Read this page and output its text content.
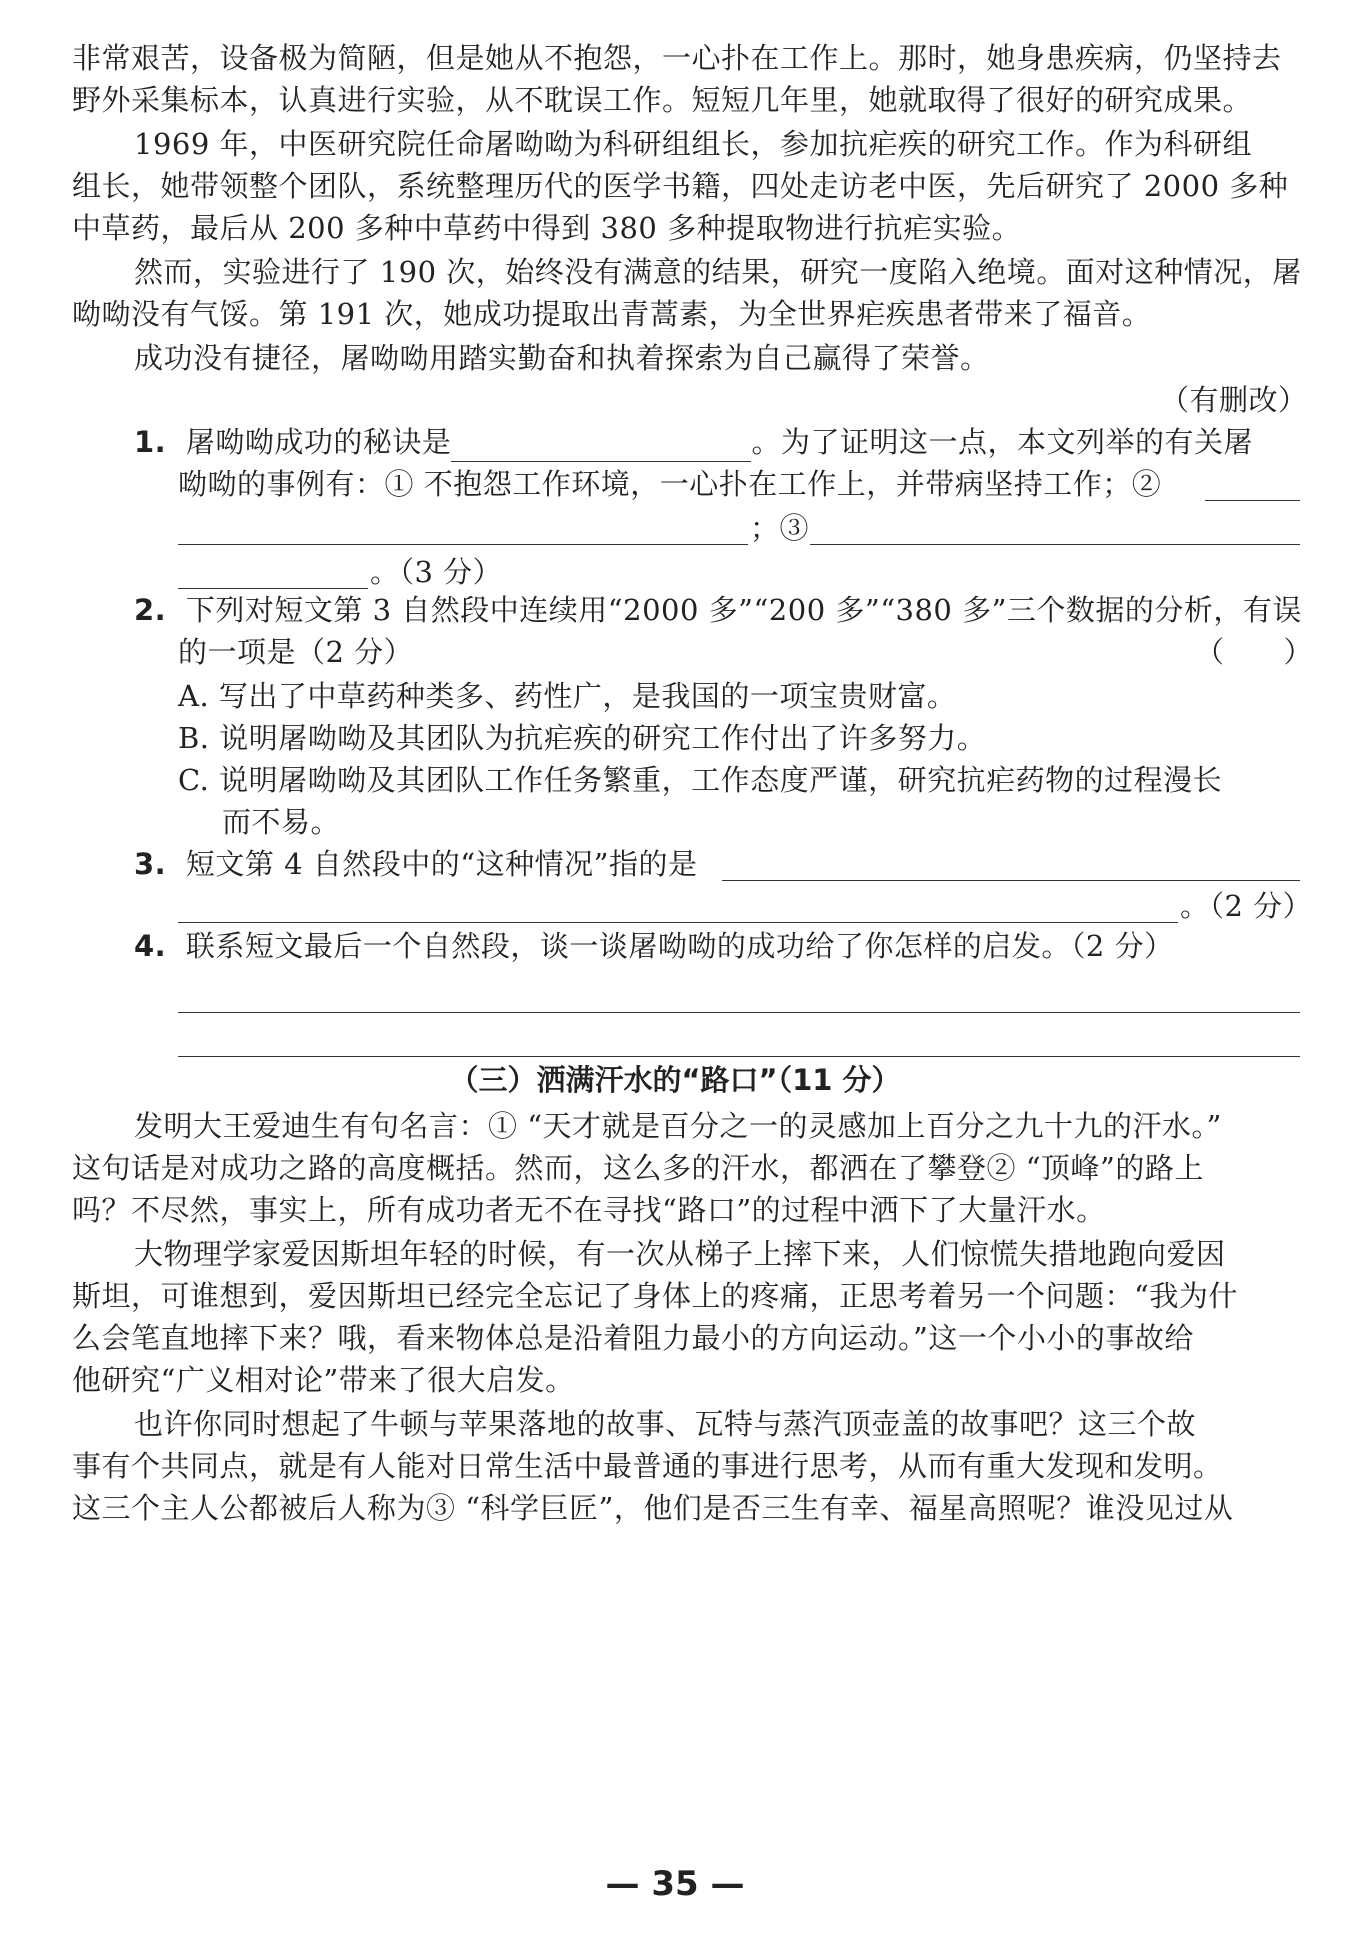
非常艰苦，设备极为简陋，但是她从不抱怨，一心扑在工作上。那时，她身患疾病，仍坚持去
野外采集标本，认真进行实验，从不耽误工作。短短几年里，她就取得了很好的研究成果。
1969 年，中医研究院任命屠呦呦为科研组组长，参加抗疟疾的研究工作。作为科研组
组长，她带领整个团队，系统整理历代的医学书籍，四处走访老中医，先后研究了 2000 多种
中草药，最后从 200 多种中草药中得到 380 多种提取物进行抗疟实验。
然而，实验进行了 190 次，始终没有满意的结果，研究一度陷入绝境。面对这种情况，屠
呦呦没有气馁。第 191 次，她成功提取出青蒿素，为全世界疟疾患者带来了福音。
成功没有捷径，屠呦呦用踏实勤奋和执着探索为自己赢得了荣誉。
（有删改）
1. 屠呦呦成功的秘诀是	。为了证明这一点，本文列举的有关屠
呦呦的事例有：① 不抱怨工作环境，一心扑在工作上，并带病坚持工作；②
；③
。（3 分）
2. 下列对短文第 3 自然段中连续用“2000 多”“200 多”“380 多”三个数据的分析，有误
的一项是（2 分）	（　　）
A. 写出了中草药种类多、药性广，是我国的一项宝贵财富。
B. 说明屠呦呦及其团队为抗疟疾的研究工作付出了许多努力。
C. 说明屠呦呦及其团队工作任务繁重，工作态度严谨，研究抗疟药物的过程漫长
而不易。
3. 短文第 4 自然段中的“这种情况”指的是
。（2 分）
4. 联系短文最后一个自然段，谈一谈屠呦呦的成功给了你怎样的启发。（2 分）
（三）洒满汗水的“路口”（11 分）
发明大王爱迪生有句名言：① “天才就是百分之一的灵感加上百分之九十九的汗水。”
这句话是对成功之路的高度概括。然而，这么多的汗水，都洒在了攀登② “顶峰”的路上
吗？不尽然，事实上，所有成功者无不在寻找“路口”的过程中洒下了大量汗水。
大物理学家爱因斯坦年轻的时候，有一次从梯子上摔下来，人们惊慌失措地跑向爱因
斯坦，可谁想到，爱因斯坦已经完全忘记了身体上的疼痛，正思考着另一个问题：“我为什
么会笔直地摔下来？哦，看来物体总是沿着阻力最小的方向运动。”这一个小小的事故给
他研究“广义相对论”带来了很大启发。
也许你同时想起了牛顿与苹果落地的故事、瓦特与蒸汽顶壶盖的故事吧？这三个故
事有个共同点，就是有人能对日常生活中最普通的事进行思考，从而有重大发现和发明。
这三个主人公都被后人称为③ “科学巨匠”，他们是否三生有幸、福星高照呢？谁没见过从
— 35 —
